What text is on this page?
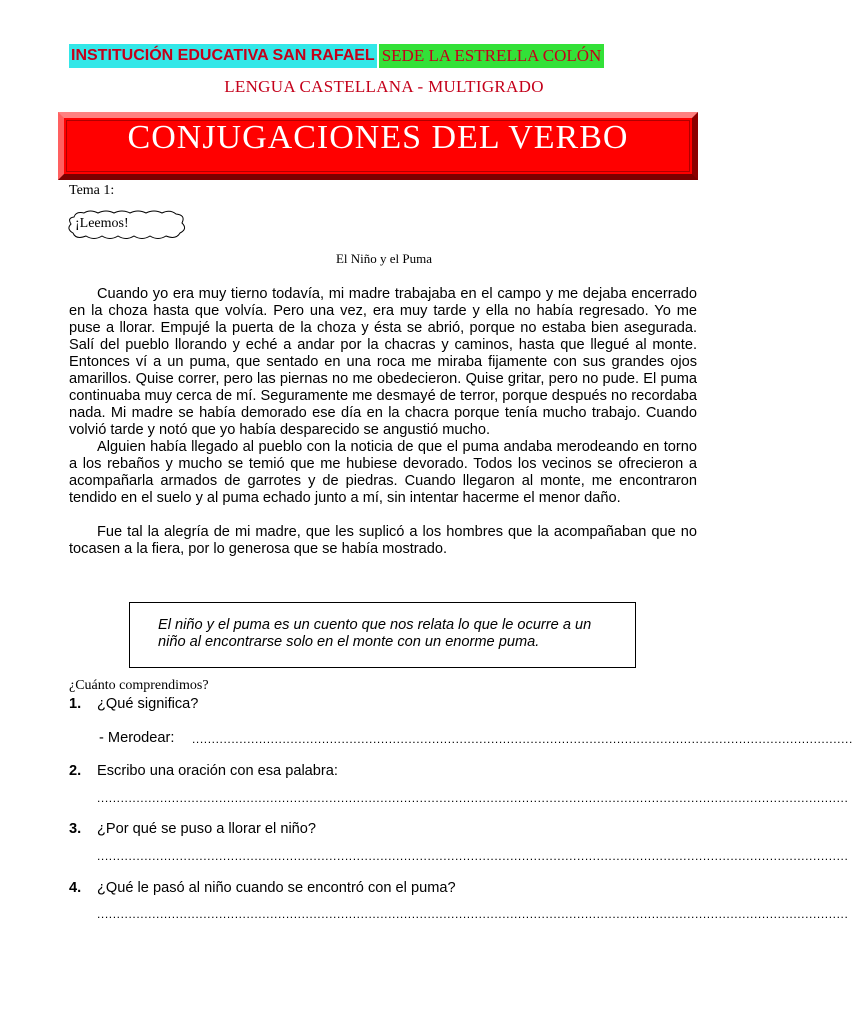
INSTITUCIÓN EDUCATIVA SAN RAFAEL SEDE LA ESTRELLA COLÓN
LENGUA CASTELLANA - MULTIGRADO
CONJUGACIONES DEL VERBO
Tema 1:
¡Leemos!
El Niño y el Puma

Cuando yo era muy tierno todavía, mi madre trabajaba en el campo y me dejaba encerrado en la choza hasta que volvía. Pero una vez, era muy tarde y ella no había regresado. Yo me puse a llorar. Empujé la puerta de la choza y ésta se abrió, porque no estaba bien asegurada. Salí del pueblo llorando y eché a andar por la chacras y caminos, hasta que llegué al monte. Entonces ví a un puma, que sentado en una roca me miraba fijamente con sus grandes ojos amarillos. Quise correr, pero las piernas no me obedecieron. Quise gritar, pero no pude. El puma continuaba muy cerca de mí. Seguramente me desmayé de terror, porque después no recordaba nada. Mi madre se había demorado ese día en la chacra porque tenía mucho trabajo. Cuando volvió tarde y notó que yo había desparecido se angustió mucho.

Alguien había llegado al pueblo con la noticia de que el puma andaba merodeando en torno a los rebaños y mucho se temió que me hubiese devorado. Todos los vecinos se ofrecieron a acompañarla armados de garrotes y de piedras. Cuando llegaron al monte, me encontraron tendido en el suelo y al puma echado junto a mí, sin intentar hacerme el menor daño.

Fue tal la alegría de mi madre, que les suplicó a los hombres que la acompañaban que no tocasen a la fiera, por lo generosa que se había mostrado.

El niño y el puma es un cuento que nos relata lo que le ocurre a un niño al encontrarse solo en el monte con un enorme puma.
¿Cuánto comprendimos?
1. ¿Qué significa?
- Merodear: ........................................................................................................................................................................
2. Escribo una oración con esa palabra:
...............................................................................................................................................................................................
3. ¿Por qué se puso a llorar el niño?
...............................................................................................................................................................................................
4. ¿Qué le pasó al niño cuando se encontró con el puma?
...............................................................................................................................................................................................
